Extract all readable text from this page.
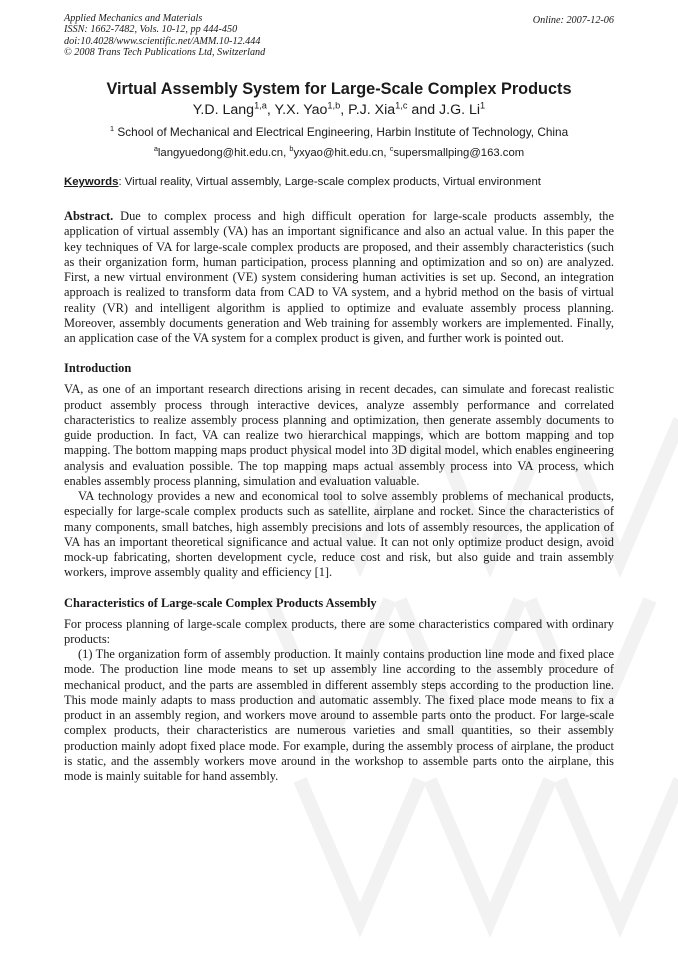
Applied Mechanics and Materials
ISSN: 1662-7482, Vols. 10-12, pp 444-450
doi:10.4028/www.scientific.net/AMM.10-12.444
© 2008 Trans Tech Publications Ltd, Switzerland
Online: 2007-12-06
Virtual Assembly System for Large-Scale Complex Products
Y.D. Lang$^{1,a}$, Y.X. Yao$^{1,b}$, P.J. Xia$^{1,c}$ and J.G. Li$^1$
$^1$ School of Mechanical and Electrical Engineering, Harbin Institute of Technology, China
$^a$langyuedong@hit.edu.cn, $^b$yxyao@hit.edu.cn, $^c$supersmallping@163.com
Keywords: Virtual reality, Virtual assembly, Large-scale complex products, Virtual environment

Abstract. Due to complex process and high difficult operation for large-scale products assembly, the application of virtual assembly (VA) has an important significance and also an actual value. In this paper the key techniques of VA for large-scale complex products are proposed, and their assembly characteristics (such as their organization form, human participation, process planning and optimization and so on) are analyzed. First, a new virtual environment (VE) system considering human activities is set up. Second, an integration approach is realized to transform data from CAD to VA system, and a hybrid method on the basis of virtual reality (VR) and intelligent algorithm is applied to optimize and evaluate assembly process planning. Moreover, assembly documents generation and Web training for assembly workers are implemented. Finally, an application case of the VA system for a complex product is given, and further work is pointed out.

Introduction

VA, as one of an important research directions arising in recent decades, can simulate and forecast realistic product assembly process through interactive devices, analyze assembly performance and correlated characteristics to realize assembly process planning and optimization, then generate assembly documents to guide production. In fact, VA can realize two hierarchical mappings, which are bottom mapping and top mapping. The bottom mapping maps product physical model into 3D digital model, which enables engineering analysis and evaluation possible. The top mapping maps actual assembly process into VA process, which enables assembly process planning, simulation and evaluation valuable.

VA technology provides a new and economical tool to solve assembly problems of mechanical products, especially for large-scale complex products such as satellite, airplane and rocket. Since the characteristics of many components, small batches, high assembly precisions and lots of assembly resources, the application of VA has an important theoretical significance and actual value. It can not only optimize product design, avoid mock-up fabricating, shorten development cycle, reduce cost and risk, but also guide and train assembly workers, improve assembly quality and efficiency [1].

Characteristics of Large-scale Complex Products Assembly

For process planning of large-scale complex products, there are some characteristics compared with ordinary products:

(1) The organization form of assembly production. It mainly contains production line mode and fixed place mode. The production line mode means to set up assembly line according to the assembly procedure of mechanical product, and the parts are assembled in different assembly steps according to the production line. This mode mainly adapts to mass production and automatic assembly. The fixed place mode means to fix a product in an assembly region, and workers move around to assemble parts onto the product. For large-scale complex products, their characteristics are numerous varieties and small quantities, so their assembly production mainly adopt fixed place mode. For example, during the assembly process of airplane, the product is static, and the assembly workers move around in the workshop to assemble parts onto the airplane, this mode is mainly suitable for hand assembly.
